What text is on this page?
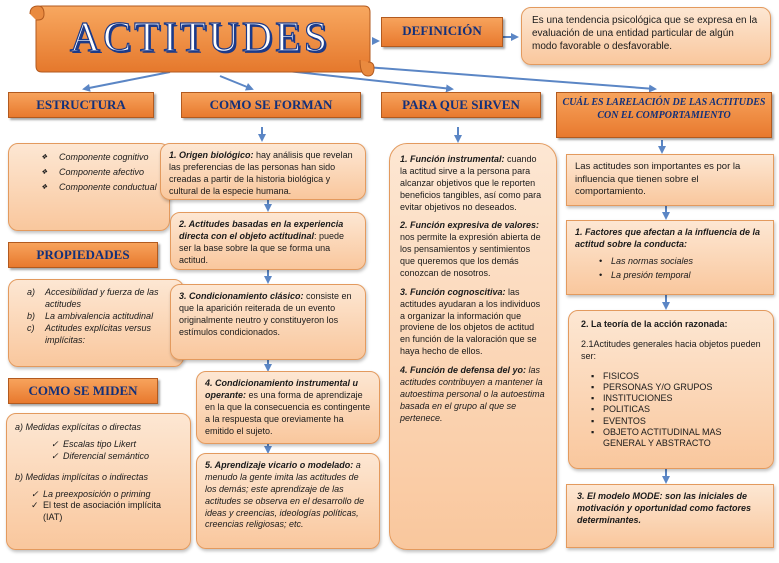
ACTITUDES	DEFINICIÓN
Es una tendencia psicológica que se expresa en la evaluación de una entidad particular de algún modo favorable o desfavorable.
ESTRUCTURA	COMO SE FORMAN	PARA QUE SIRVEN	CUÁL ES LARELACIÓN DE LAS ACTITUDES CON EL COMPORTAMIENTO
❖ Componente cognitivo
❖ Componente afectivo
❖ Componente conductual
PROPIEDADES
a)	Accesibilidad y fuerza de las actitudes
b)	La ambivalencia actitudinal
c)	Actitudes explícitas versus implícitas:
COMO SE MIDEN
a) Medidas explícitas o directas
✓ Escalas tipo Likert
✓ Diferencial semántico
b) Medidas implícitas o indirectas
✓ La preexposición o priming
✓ El test de asociación implícita (IAT)
1. Origen biológico: hay análisis que revelan las preferencias de las personas han sido creadas a partir de la historia biológica y cultural de la especie humana.
2. Actitudes basadas en la experiencia directa con el objeto actitudinal: puede ser la base sobre la que se forma una actitud.
3. Condicionamiento clásico: consiste en que la aparición reiterada de un evento originalmente neutro y constituyeron los estímulos condicionados.
4. Condicionamiento instrumental u operante: es una forma de aprendizaje en la que la consecuencia es contingente a la respuesta que oreviamente ha emitido el sujeto.
5. Aprendizaje vicario o modelado: a menudo la gente imita las actitudes de los demás; este aprendizaje de las actitudes se observa en el desarrollo de ideas y creencias, ideologías políticas, creencias religiosas; etc.

1. Función instrumental: cuando la actitud sirve a la persona para alcanzar objetivos que le reporten beneficios tangibles, así como para evitar objetivos no deseados.

2. Función expresiva de valores: nos permite la expresión abierta de los pensamientos y sentimientos que queremos que los demás conozcan de nosotros.

3. Función cognoscitiva: las actitudes ayudaran a los individuos a organizar la información que proviene de los objetos de actitud en función de la valoración que se haya hecho de ellos.

4. Función de defensa del yo: las actitudes contribuyen a mantener la autoestima personal o la autoestima basada en el grupo al que se pertenece.

Las actitudes son importantes es por la influencia que tienen sobre el comportamiento.
1. Factores que afectan a la influencia de la actitud sobre la conducta:
• Las normas sociales
• La presión temporal
2. La teoría de la acción razonada:
2.1Actitudes generales hacia objetos pueden ser:
▪ FISICOS
▪ PERSONAS Y/O GRUPOS
▪ INSTITUCIONES
▪ POLITICAS
▪ EVENTOS
▪ OBJETO ACTITUDINAL MAS GENERAL Y ABSTRACTO
3. El modelo MODE: son las iniciales de motivación y oportunidad como factores determinantes.
